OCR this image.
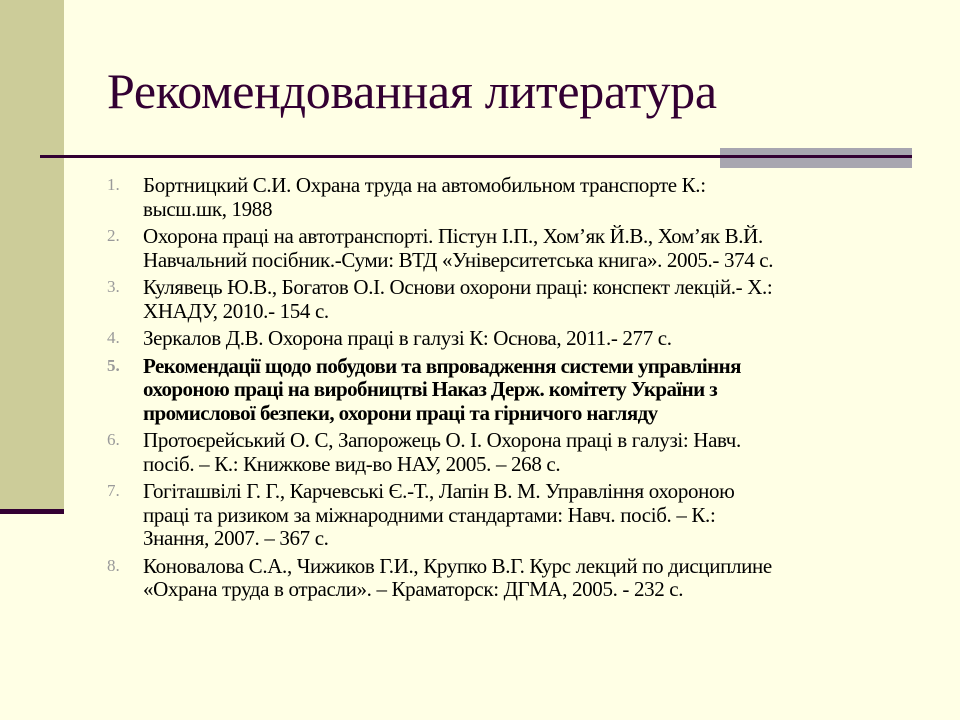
Рекомендованная литература
1.	Бортницкий С.И. Охрана труда на автомобильном транспорте К.:
высш.шк, 1988
2.	Охорона праці на автотранспорті. Пістун І.П., Хом’як Й.В., Хом’як В.Й.
Навчальний посібник.-Суми: ВТД «Університетська книга». 2005.- 374 с.
3.	Кулявець Ю.В., Богатов О.І. Основи охорони праці: конспект лекцій.- Х.:
ХНАДУ, 2010.- 154 с.
4.	Зеркалов Д.В. Охорона праці в галузі К: Основа, 2011.- 277 с.
5.	Рекомендації щодо побудови та впровадження системи управління
охороною праці на виробництві Наказ Держ. комітету України з
промислової безпеки, охорони праці та гірничого нагляду
6.	Протоєрейський О. С, Запорожець О. І. Охорона праці в галузі: Навч.
посіб. – К.: Книжкове вид-во НАУ, 2005. – 268 с.
7.	Гогіташвілі Г. Г., Карчевські Є.-Т., Лапін В. М. Управління охороною
праці та ризиком за міжнародними стандартами: Навч. посіб. – К.:
Знання, 2007. – 367 с.
8.	Коновалова С.А., Чижиков Г.И., Крупко В.Г. Курс лекций по дисциплине
«Охрана труда в отрасли». – Краматорск: ДГМА, 2005. - 232 с.
